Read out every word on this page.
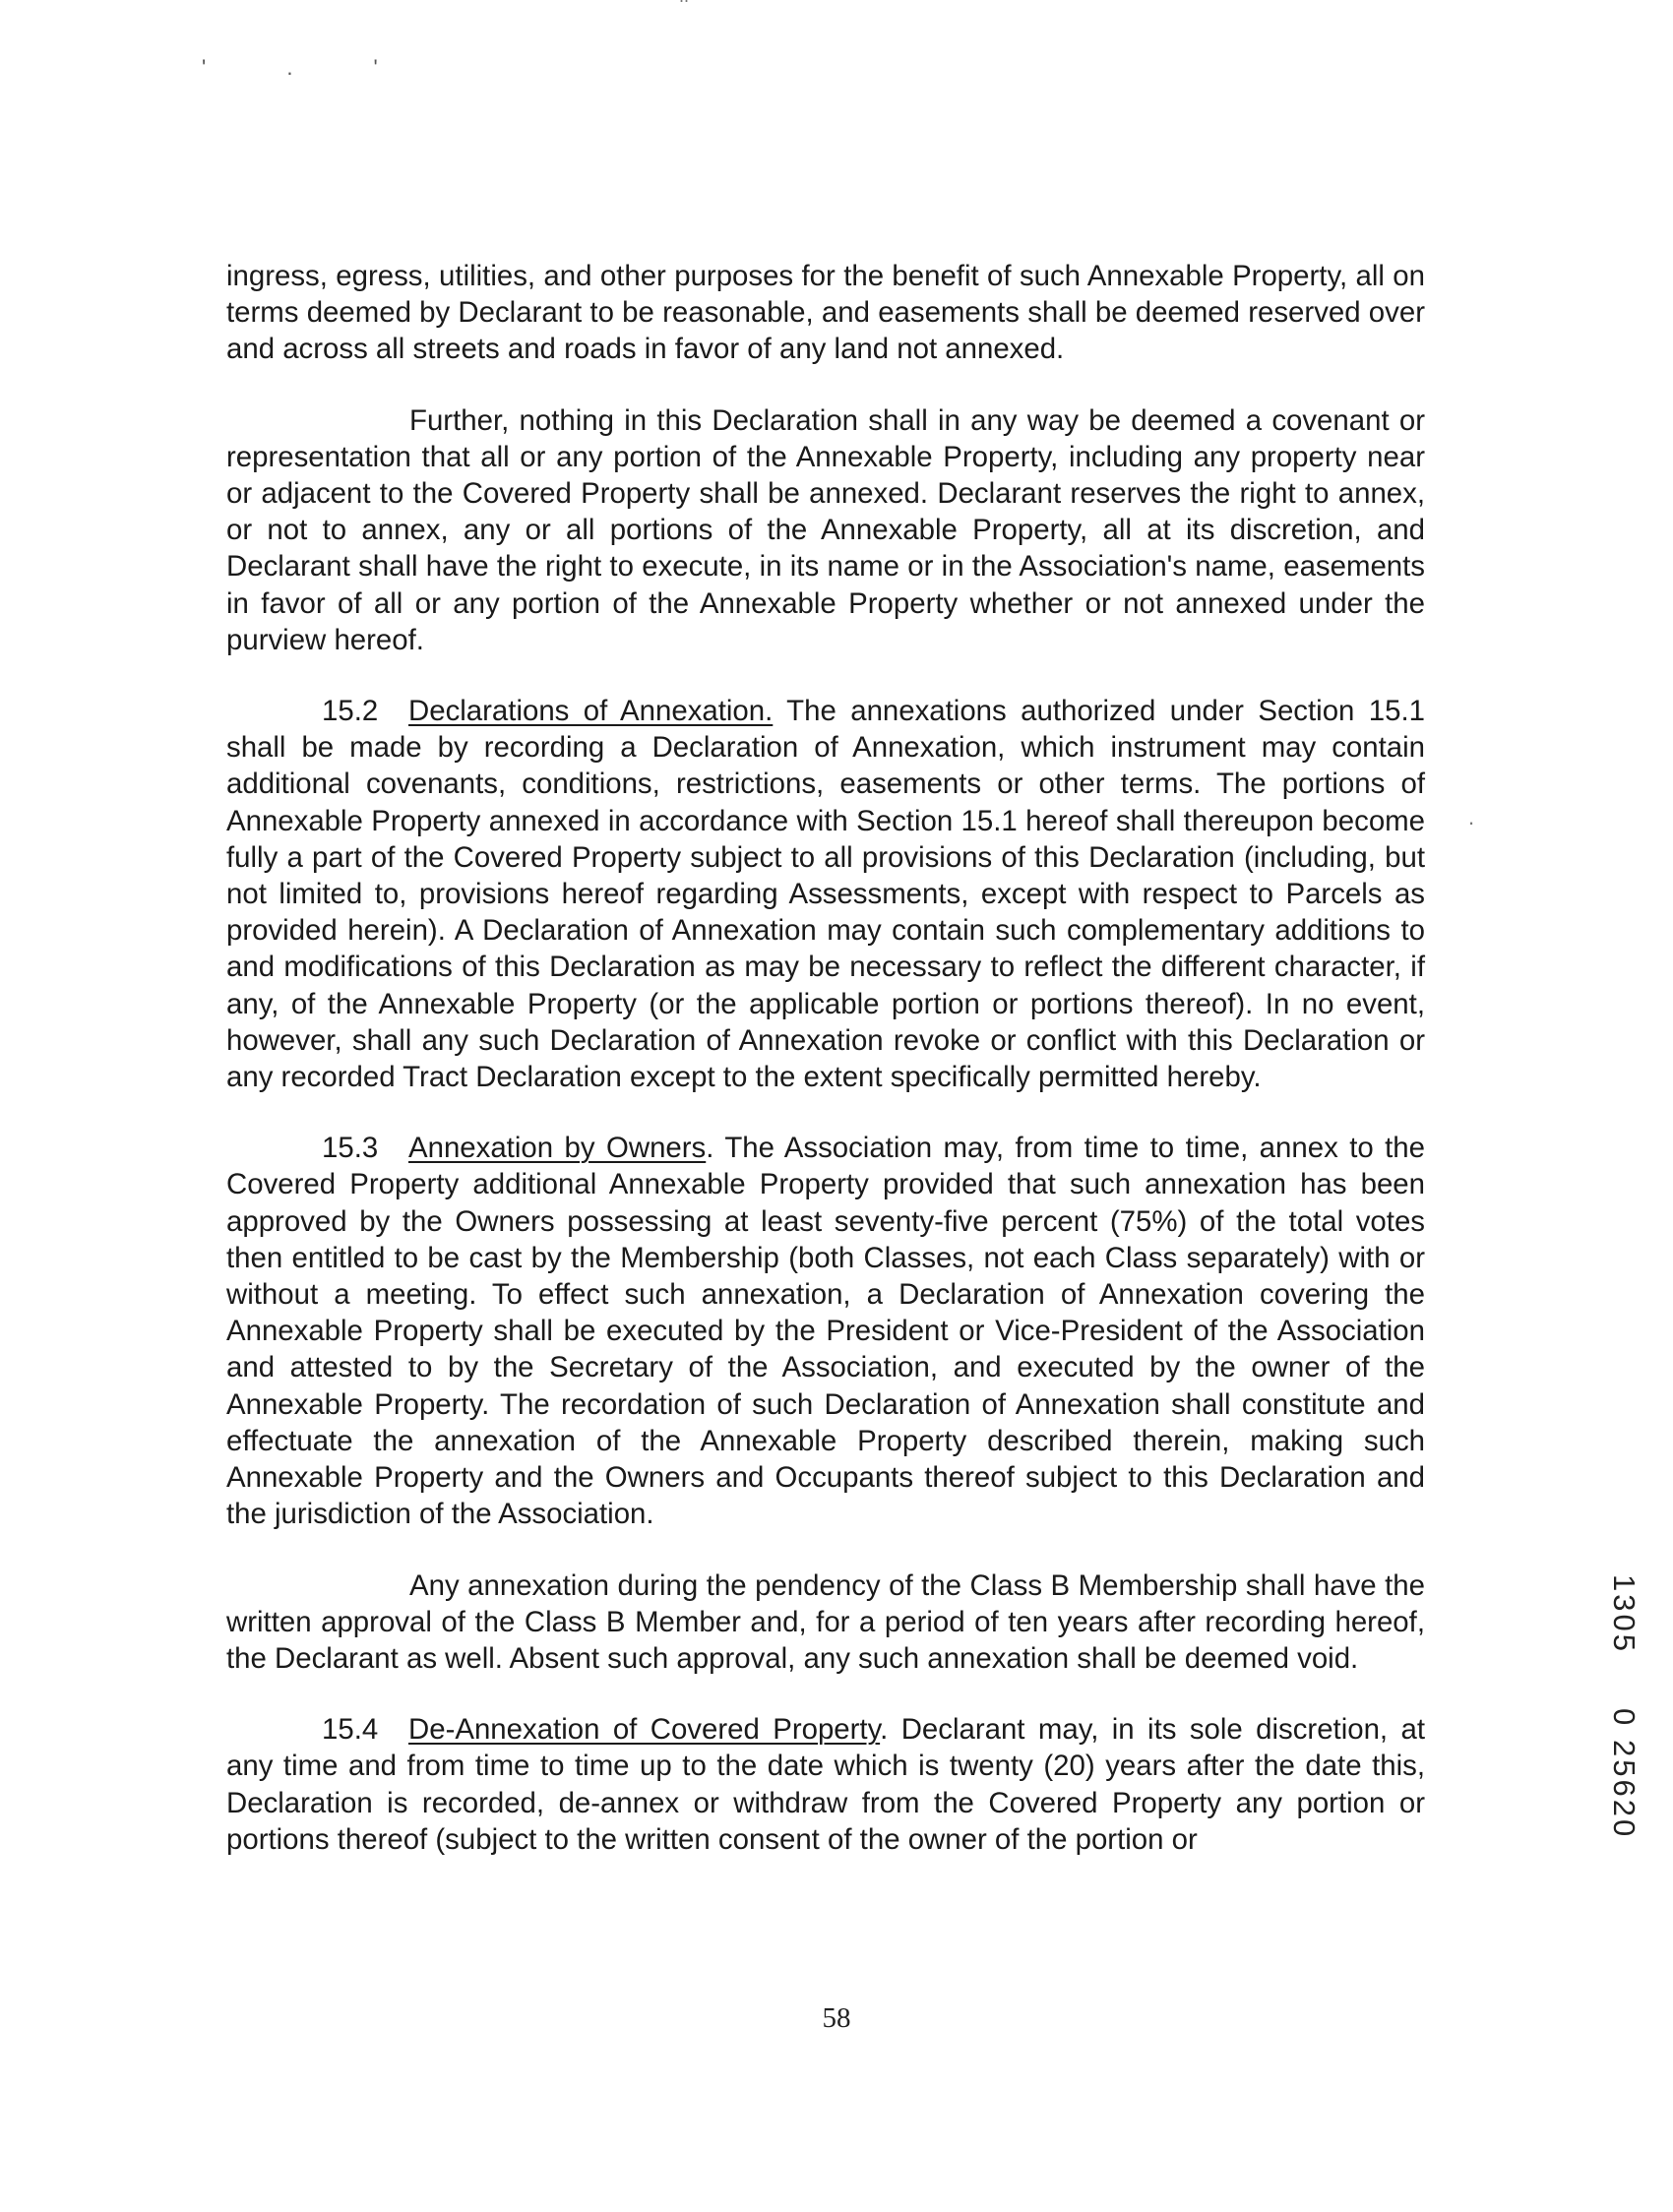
' . '
.

ingress, egress, utilities, and other purposes for the benefit of such Annexable Property, all on terms deemed by Declarant to be reasonable, and easements shall be deemed reserved over and across all streets and roads in favor of any land not annexed.

Further, nothing in this Declaration shall in any way be deemed a covenant or representation that all or any portion of the Annexable Property, including any property near or adjacent to the Covered Property shall be annexed. Declarant reserves the right to annex, or not to annex, any or all portions of the Annexable Property, all at its discretion, and Declarant shall have the right to execute, in its name or in the Association's name, easements in favor of all or any portion of the Annexable Property whether or not annexed under the purview hereof.

15.2 Declarations of Annexation. The annexations authorized under Section 15.1 shall be made by recording a Declaration of Annexation, which instrument may contain additional covenants, conditions, restrictions, easements or other terms. The portions of Annexable Property annexed in accordance with Section 15.1 hereof shall thereupon become fully a part of the Covered Property subject to all provisions of this Declaration (including, but not limited to, provisions hereof regarding Assessments, except with respect to Parcels as provided herein). A Declaration of Annexation may contain such complementary additions to and modifications of this Declaration as may be necessary to reflect the different character, if any, of the Annexable Property (or the applicable portion or portions thereof). In no event, however, shall any such Declaration of Annexation revoke or conflict with this Declaration or any recorded Tract Declaration except to the extent specifically permitted hereby.

15.3 Annexation by Owners. The Association may, from time to time, annex to the Covered Property additional Annexable Property provided that such annexation has been approved by the Owners possessing at least seventy-five percent (75%) of the total votes then entitled to be cast by the Membership (both Classes, not each Class separately) with or without a meeting. To effect such annexation, a Declaration of Annexation covering the Annexable Property shall be executed by the President or Vice-President of the Association and attested to by the Secretary of the Association, and executed by the owner of the Annexable Property. The recordation of such Declaration of Annexation shall constitute and effectuate the annexation of the Annexable Property described therein, making such Annexable Property and the Owners and Occupants thereof subject to this Declaration and the jurisdiction of the Association.

Any annexation during the pendency of the Class B Membership shall have the written approval of the Class B Member and, for a period of ten years after recording hereof, the Declarant as well. Absent such approval, any such annexation shall be deemed void.

15.4 De-Annexation of Covered Property. Declarant may, in its sole discretion, at any time and from time to time up to the date which is twenty (20) years after the date this, Declaration is recorded, de-annex or withdraw from the Covered Property any portion or portions thereof (subject to the written consent of the owner of the portion or

58
1305  0 25620
